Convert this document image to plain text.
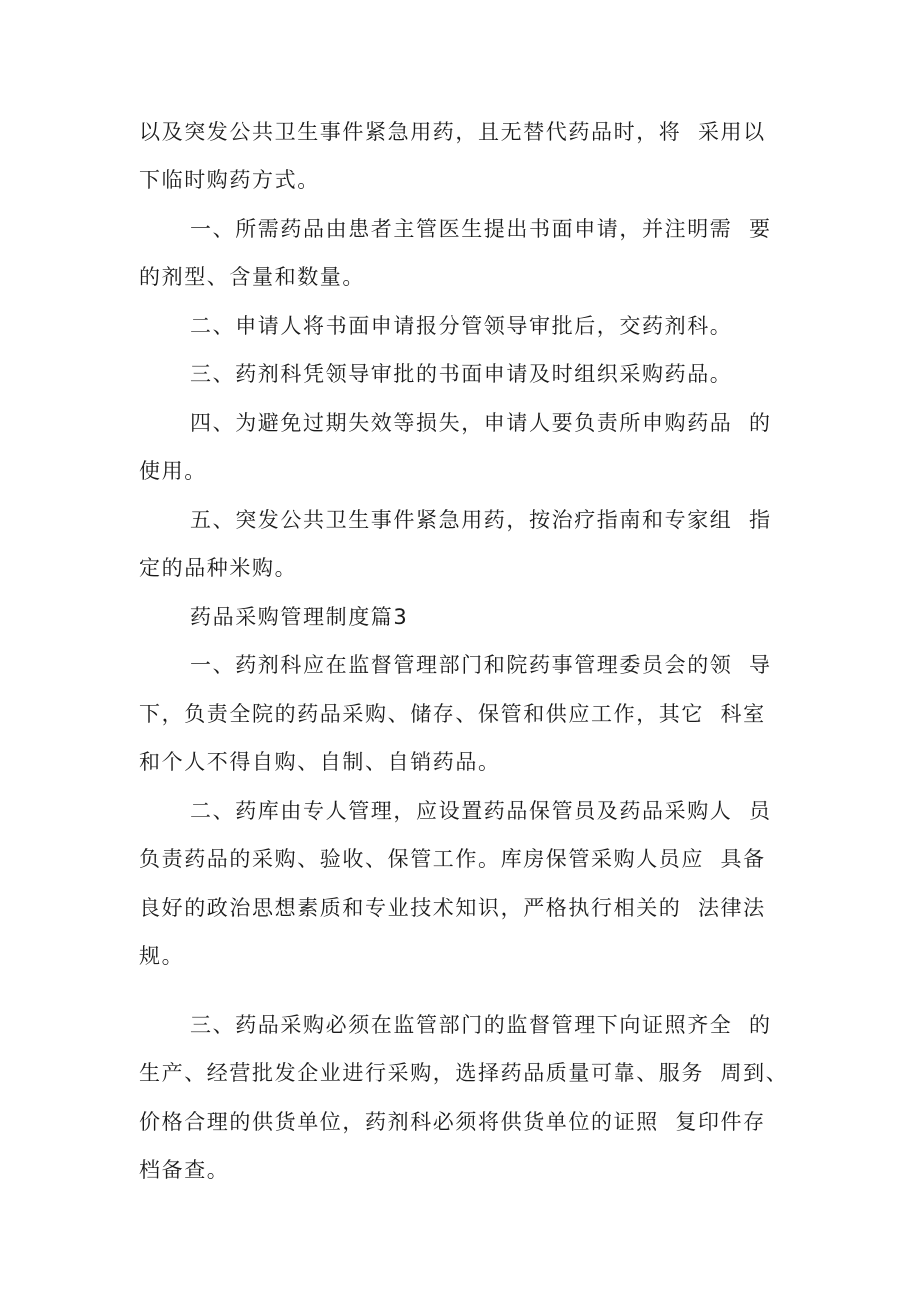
以及突发公共卫生事件紧急用药，且无替代药品时，将  采用以
下临时购药方式。
一、所需药品由患者主管医生提出书面申请，并注明需  要
的剂型、含量和数量。
二、申请人将书面申请报分管领导审批后，交药剂科。
三、药剂科凭领导审批的书面申请及时组织采购药品。
四、为避免过期失效等损失，申请人要负责所申购药品  的
使用。
五、突发公共卫生事件紧急用药，按治疗指南和专家组  指
定的品种米购。
药品采购管理制度篇3
一、药剂科应在监督管理部门和院药事管理委员会的领  导
下，负责全院的药品采购、储存、保管和供应工作，其它  科室
和个人不得自购、自制、自销药品。
二、药库由专人管理，应设置药品保管员及药品采购人  员
负责药品的采购、验收、保管工作。库房保管采购人员应  具备
良好的政治思想素质和专业技术知识，严格执行相关的  法律法
规。
三、药品采购必须在监管部门的监督管理下向证照齐全  的
生产、经营批发企业进行采购，选择药品质量可靠、服务  周到、
价格合理的供货单位，药剂科必须将供货单位的证照  复印件存
档备查。
